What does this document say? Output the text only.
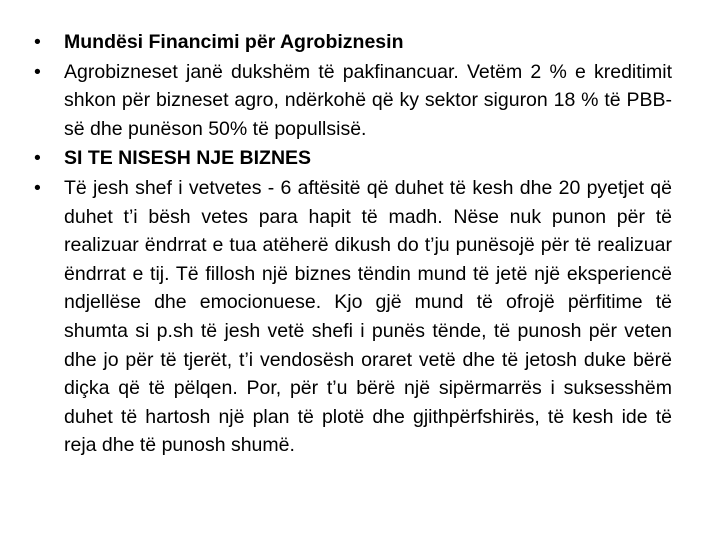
•	Mundësi Financimi për Agrobiznesin
•	Agrobizneset janë dukshëm të pakfinancuar. Vetëm 2 % e kreditimit shkon për bizneset agro, ndërkohë që ky sektor siguron 18 % të PBB-së dhe punëson 50% të popullsisë.
•	SI TE NISESH NJE BIZNES
•	Të jesh shef i vetvetes - 6 aftësitë që duhet të kesh dhe 20 pyetjet që duhet t’i bësh vetes para hapit të madh. Nëse nuk punon për të realizuar ëndrrat e tua atëherë dikush do t’ju punësojë për të realizuar ëndrrat e tij. Të fillosh një biznes tëndin mund të jetë një eksperiencë ndjellëse dhe emocionuese. Kjo gjë mund të ofrojë përfitime të shumta si p.sh të jesh vetë shefi i punës tënde, të punosh për veten dhe jo për të tjerët, t’i vendosësh oraret vetë dhe të jetosh duke bërë diçka që të pëlqen. Por, për t’u bërë një sipërmarrës i suksesshëm duhet të hartosh një plan të plotë dhe gjithpërfshirës, të kesh ide të reja dhe të punosh shumë.
